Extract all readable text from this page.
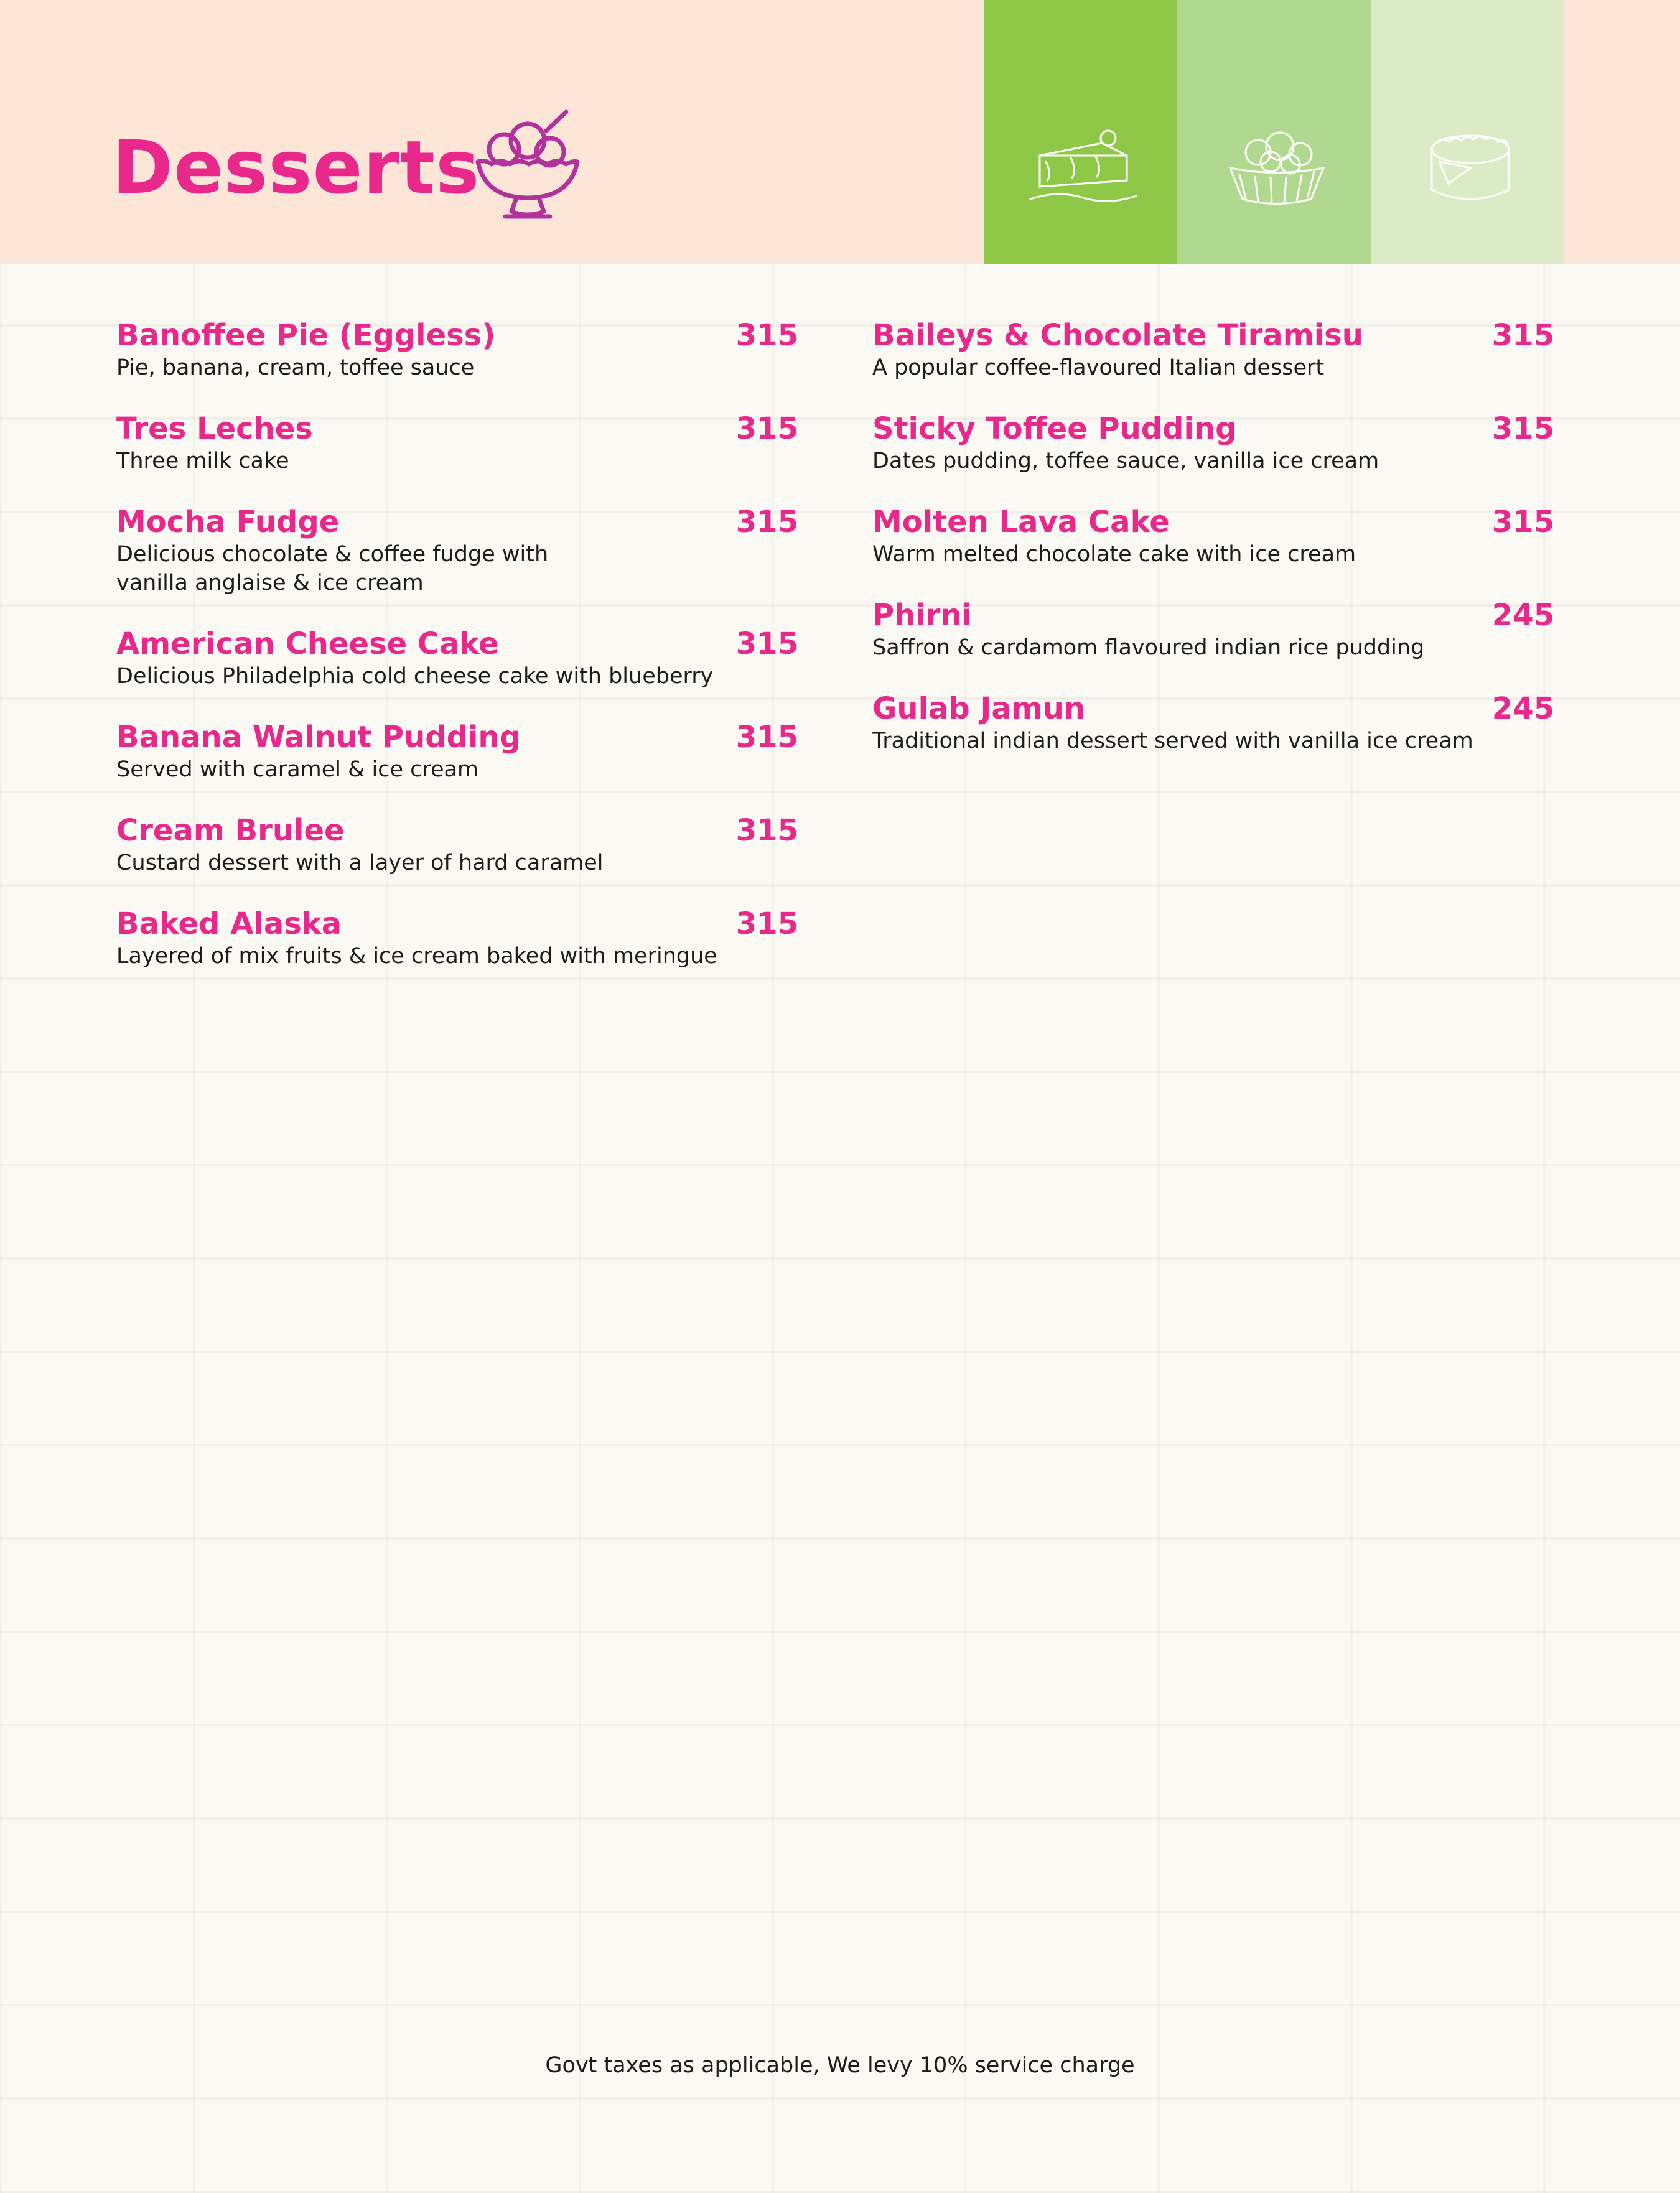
Desserts
Banoffee Pie (Eggless)	315
Pie, banana, cream, toffee sauce
Tres Leches	315
Three milk cake
Mocha Fudge	315
Delicious chocolate & coffee fudge with vanilla anglaise & ice cream
American Cheese Cake	315
Delicious Philadelphia cold cheese cake with blueberry
Banana Walnut Pudding	315
Served with caramel & ice cream
Cream Brulee	315
Custard dessert with a layer of hard caramel
Baked Alaska	315
Layered of mix fruits & ice cream baked with meringue
Baileys & Chocolate Tiramisu	315
A popular coffee-flavoured Italian dessert
Sticky Toffee Pudding	315
Dates pudding, toffee sauce, vanilla ice cream
Molten Lava Cake	315
Warm melted chocolate cake with ice cream
Phirni	245
Saffron & cardamom flavoured indian rice pudding
Gulab Jamun	245
Traditional indian dessert served with vanilla ice cream
Govt taxes as applicable, We levy 10% service charge
